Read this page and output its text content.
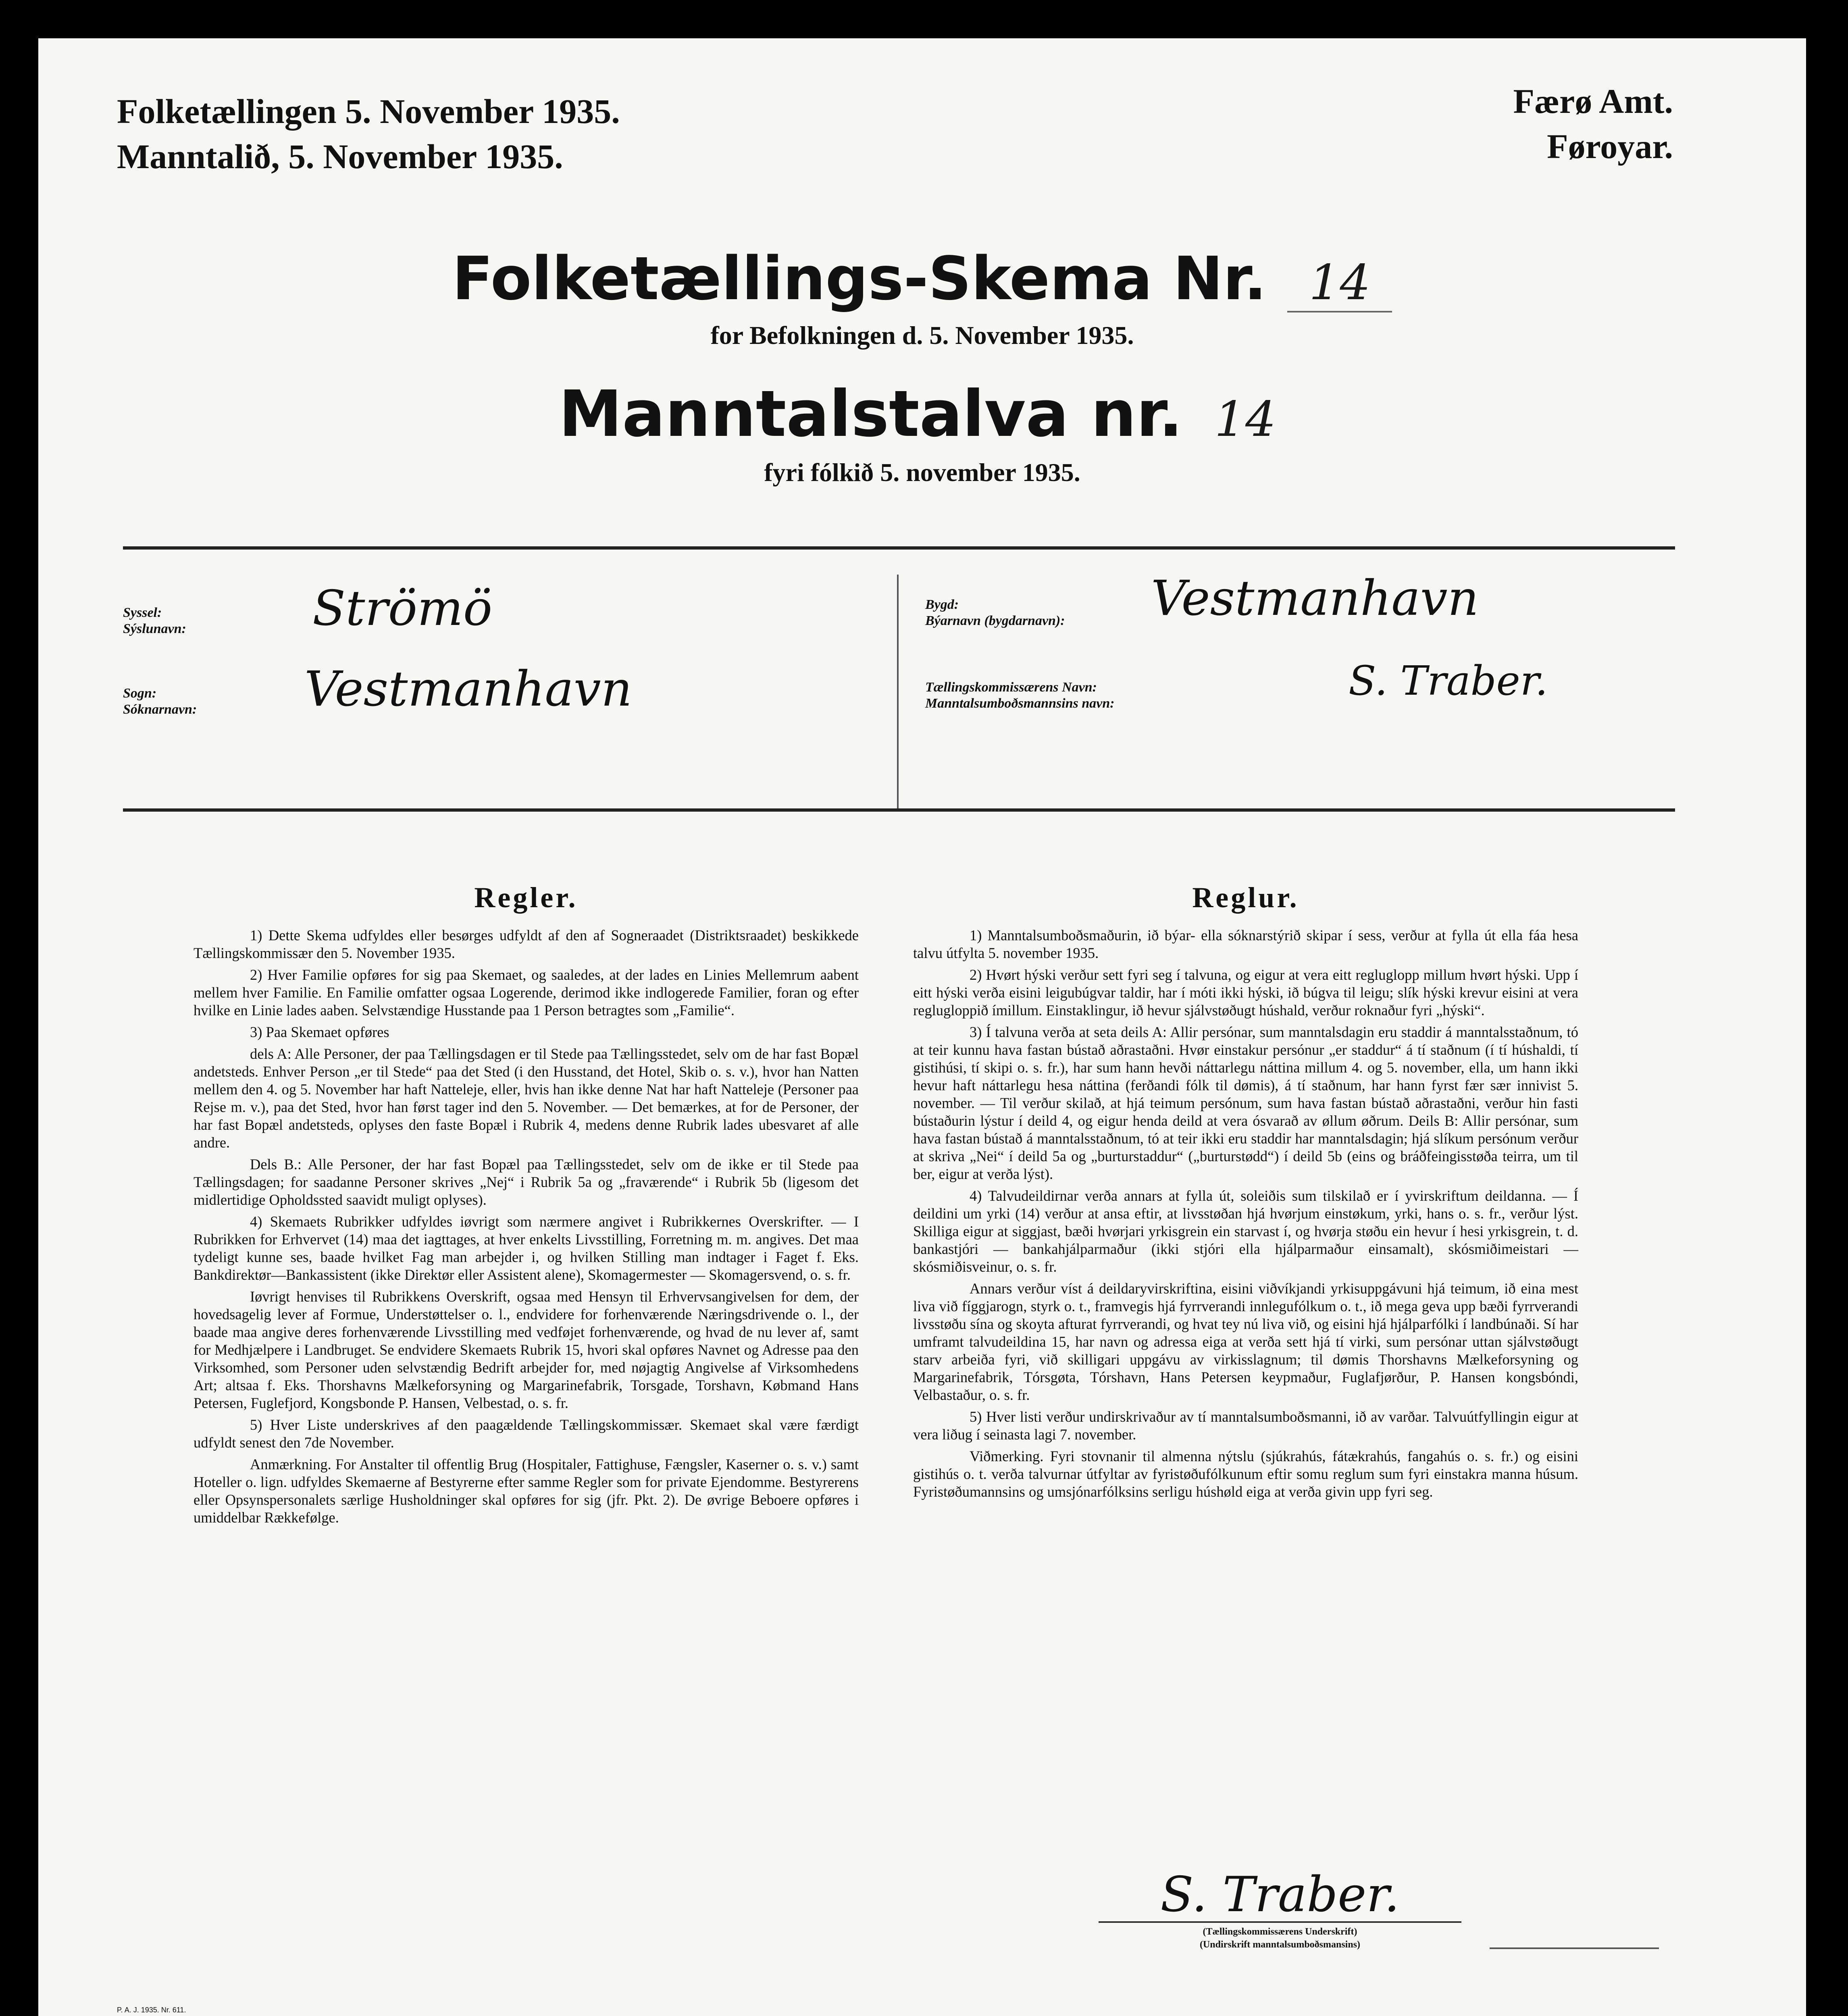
Folketællingen 5. November 1935.
Manntalið, 5. November 1935.
Færø Amt.
Føroyar.
Folketællings-Skema Nr. 14
for Befolkningen d. 5. November 1935.
Manntalstalva nr. 14
fyri fólkið 5. november 1935.
Syssel:
Sýslunavn:	Strömö
Sogn:
Sóknarnavn: Vestmanhavn
Bygd:
Býarnavn (bygdarnavn): Vestmanhavn
Tællingskommissærens Navn:
Manntalsumboðsmannsins navn:	S. Traber.
Regler.

1) Dette Skema udfyldes eller besørges udfyldt af den af Sogneraadet (Distriktsraadet) beskikkede Tællingskommissær den 5. November 1935.

2) Hver Familie opføres for sig paa Skemaet, og saaledes, at der lades en Linies Mellemrum aabent mellem hver Familie. En Familie omfatter ogsaa Logerende, derimod ikke indlogerede Familier, foran og efter hvilke en Linie lades aaben. Selvstændige Husstande paa 1 Person betragtes som „Familie“.

3) Paa Skemaet opføres

dels A: Alle Personer, der paa Tællingsdagen er til Stede paa Tællingsstedet, selv om de har fast Bopæl andetsteds. Enhver Person „er til Stede“ paa det Sted (i den Husstand, det Hotel, Skib o. s. v.), hvor han Natten mellem den 4. og 5. November har haft Natteleje, eller, hvis han ikke denne Nat har haft Natteleje (Personer paa Rejse m. v.), paa det Sted, hvor han først tager ind den 5. November. — Det bemærkes, at for de Personer, der har fast Bopæl andetsteds, oplyses den faste Bopæl i Rubrik 4, medens denne Rubrik lades ubesvaret af alle andre.

Dels B.: Alle Personer, der har fast Bopæl paa Tællingsstedet, selv om de ikke er til Stede paa Tællingsdagen; for saadanne Personer skrives „Nej“ i Rubrik 5a og „fraværende“ i Rubrik 5b (ligesom det midlertidige Opholdssted saavidt muligt oplyses).

4) Skemaets Rubrikker udfyldes iøvrigt som nærmere angivet i Rubrikkernes Overskrifter. — I Rubrikken for Erhvervet (14) maa det iagttages, at hver enkelts Livsstilling, Forretning m. m. angives. Det maa tydeligt kunne ses, baade hvilket Fag man arbejder i, og hvilken Stilling man indtager i Faget f. Eks. Bankdirektør—Bankassistent (ikke Direktør eller Assistent alene), Skomagermester — Skomagersvend, o. s. fr.

Iøvrigt henvises til Rubrikkens Overskrift, ogsaa med Hensyn til Erhvervsangivelsen for dem, der hovedsagelig lever af Formue, Understøttelser o. l., endvidere for forhenværende Næringsdrivende o. l., der baade maa angive deres forhenværende Livsstilling med vedføjet forhenværende, og hvad de nu lever af, samt for Medhjælpere i Landbruget. Se endvidere Skemaets Rubrik 15, hvori skal opføres Navnet og Adresse paa den Virksomhed, som Personer uden selvstændig Bedrift arbejder for, med nøjagtig Angivelse af Virksomhedens Art; altsaa f. Eks. Thorshavns Mælkeforsyning og Margarinefabrik, Torsgade, Torshavn, Købmand Hans Petersen, Fuglefjord, Kongsbonde P. Hansen, Velbestad, o. s. fr.

5) Hver Liste underskrives af den paagældende Tællingskommissær. Skemaet skal være færdigt udfyldt senest den 7de November.

Anmærkning. For Anstalter til offentlig Brug (Hospitaler, Fattighuse, Fængsler, Kaserner o. s. v.) samt Hoteller o. lign. udfyldes Skemaerne af Bestyrerne efter samme Regler som for private Ejendomme. Bestyrerens eller Opsynspersonalets særlige Husholdninger skal opføres for sig (jfr. Pkt. 2). De øvrige Beboere opføres i umiddelbar Rækkefølge.

Reglur.

1) Manntalsumboðsmaðurin, ið býar- ella sóknarstýrið skipar í sess, verður at fylla út ella fáa hesa talvu útfylta 5. november 1935.

2) Hvørt hýski verður sett fyri seg í talvuna, og eigur at vera eitt regluglopp millum hvørt hýski. Upp í eitt hýski verða eisini leigubúgvar taldir, har í móti ikki hýski, ið búgva til leigu; slík hýski krevur eisini at vera reglugloppið ímillum. Einstaklingur, ið hevur sjálvstøðugt húshald, verður roknaður fyri „hýski“.

3) Í talvuna verða at seta deils A: Allir persónar, sum manntalsdagin eru staddir á manntalsstaðnum, tó at teir kunnu hava fastan bústað aðrastaðni. Hvør einstakur persónur „er staddur“ á tí staðnum (í tí húshaldi, tí gistihúsi, tí skipi o. s. fr.), har sum hann hevði náttarlegu náttina millum 4. og 5. november, ella, um hann ikki hevur haft náttarlegu hesa náttina (ferðandi fólk til dømis), á tí staðnum, har hann fyrst fær sær innivist 5. november. — Til verður skilað, at hjá teimum persónum, sum hava fastan bústað aðrastaðni, verður hin fasti bústaðurin lýstur í deild 4, og eigur henda deild at vera ósvarað av øllum øðrum. Deils B: Allir persónar, sum hava fastan bústað á manntalsstaðnum, tó at teir ikki eru staddir har manntalsdagin; hjá slíkum persónum verður at skriva „Nei“ í deild 5a og „burturstaddur“ („burturstødd“) í deild 5b (eins og bráðfeingisstøða teirra, um til ber, eigur at verða lýst).

4) Talvudeildirnar verða annars at fylla út, soleiðis sum tilskilað er í yvirskriftum deildanna. — Í deildini um yrki (14) verður at ansa eftir, at livsstøðan hjá hvørjum einstøkum, yrki, hans o. s. fr., verður lýst. Skilliga eigur at siggjast, bæði hvørjari yrkisgrein ein starvast í, og hvørja støðu ein hevur í hesi yrkisgrein, t. d. bankastjóri — bankahjálparmaður (ikki stjóri ella hjálparmaður einsamalt), skósmiðimeistari — skósmiðisveinur, o. s. fr.

Annars verður víst á deildaryvirskriftina, eisini viðvíkjandi yrkisuppgávuni hjá teimum, ið eina mest liva við fíggjarogn, styrk o. t., framvegis hjá fyrrverandi innlegufólkum o. t., ið mega geva upp bæði fyrrverandi livsstøðu sína og skoyta afturat fyrrverandi, og hvat tey nú liva við, og eisini hjá hjálparfólki í landbúnaði. Sí har umframt talvudeildina 15, har navn og adressa eiga at verða sett hjá tí virki, sum persónar uttan sjálvstøðugt starv arbeiða fyri, við skilligari uppgávu av virkisslagnum; til dømis Thorshavns Mælkeforsyning og Margarinefabrik, Tórsgøta, Tórshavn, Hans Petersen keypmaður, Fuglafjørður, P. Hansen kongsbóndi, Velbastaður, o. s. fr.

5) Hver listi verður undirskrivaður av tí manntalsumboðsmanni, ið av varðar. Talvuútfyllingin eigur at vera liðug í seinasta lagi 7. november.

Viðmerking. Fyri stovnanir til almenna nýtslu (sjúkrahús, fátækrahús, fangahús o. s. fr.) og eisini gistihús o. t. verða talvurnar útfyltar av fyristøðufólkunum eftir somu reglum sum fyri einstakra manna húsum. Fyristøðumannsins og umsjónarfólksins serligu húshøld eiga at verða givin upp fyri seg.

S. Traber.
(Tællingskommissærens Underskrift)
(Undirskrift manntalsumboðsmansins)
P. A. J. 1935. Nr. 611.
